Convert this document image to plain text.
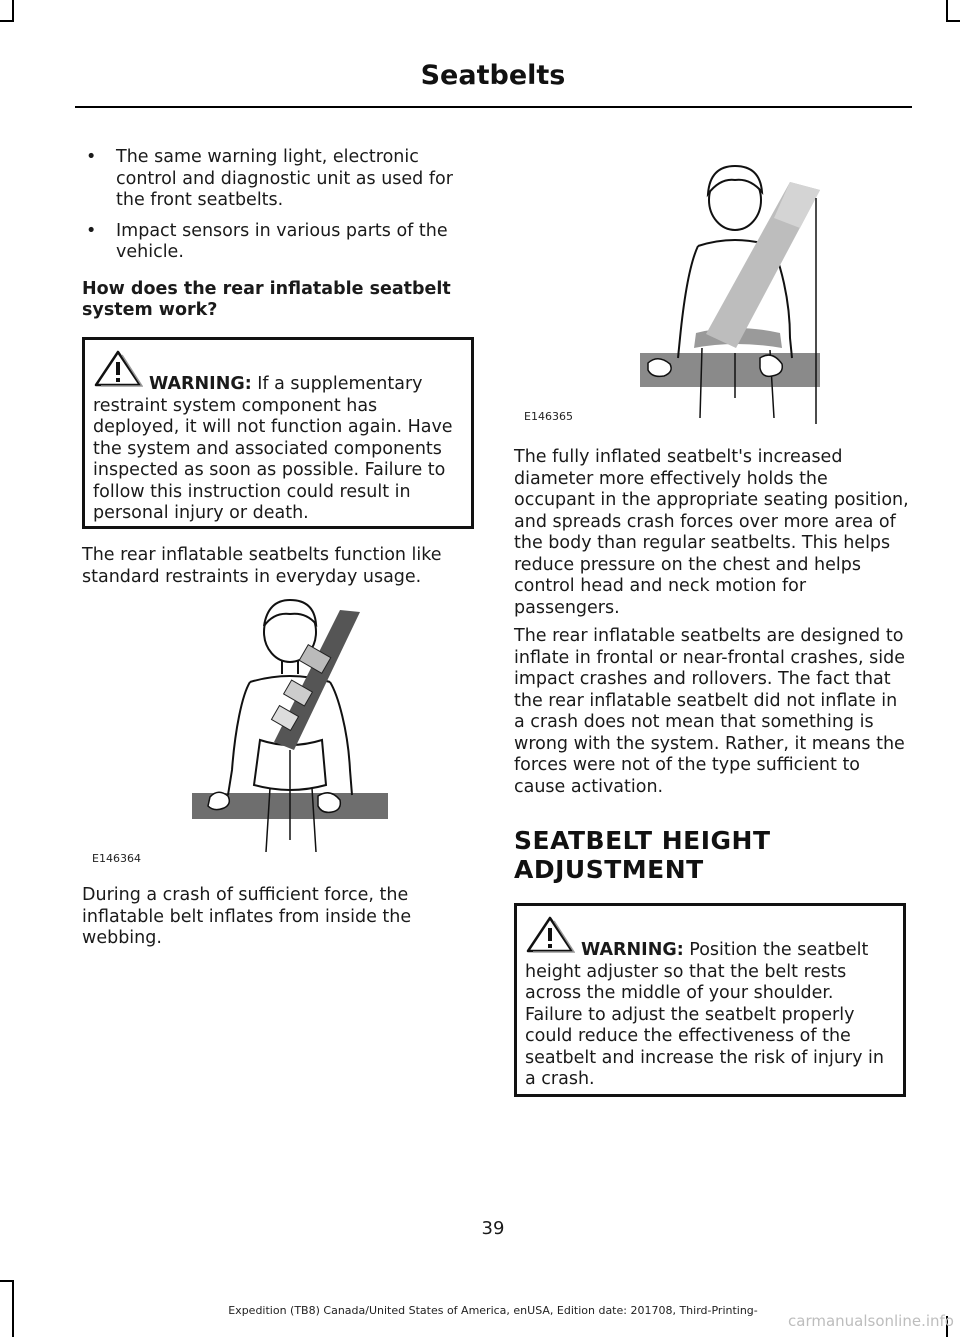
Seatbelts
• The same warning light, electronic control and diagnostic unit as used for the front seatbelts.
• Impact sensors in various parts of the vehicle.
How does the rear inflatable seatbelt system work?
WARNING: If a supplementary restraint system component has deployed, it will not function again. Have the system and associated components inspected as soon as possible. Failure to follow this instruction could result in personal injury or death.
The rear inflatable seatbelts function like standard restraints in everyday usage.
E146364
During a crash of sufficient force, the inflatable belt inflates from inside the webbing.
E146365
The fully inflated seatbelt's increased diameter more effectively holds the occupant in the appropriate seating position, and spreads crash forces over more area of the body than regular seatbelts. This helps reduce pressure on the chest and helps control head and neck motion for passengers.
The rear inflatable seatbelts are designed to inflate in frontal or near-frontal crashes, side impact crashes and rollovers. The fact that the rear inflatable seatbelt did not inflate in a crash does not mean that something is wrong with the system. Rather, it means the forces were not of the type sufficient to cause activation.
SEATBELT HEIGHT
ADJUSTMENT
WARNING: Position the seatbelt height adjuster so that the belt rests across the middle of your shoulder. Failure to adjust the seatbelt properly could reduce the effectiveness of the seatbelt and increase the risk of injury in a crash.
39
Expedition (TB8) Canada/United States of America, enUSA, Edition date: 201708, Third-Printing-
carmanualsonline.info
